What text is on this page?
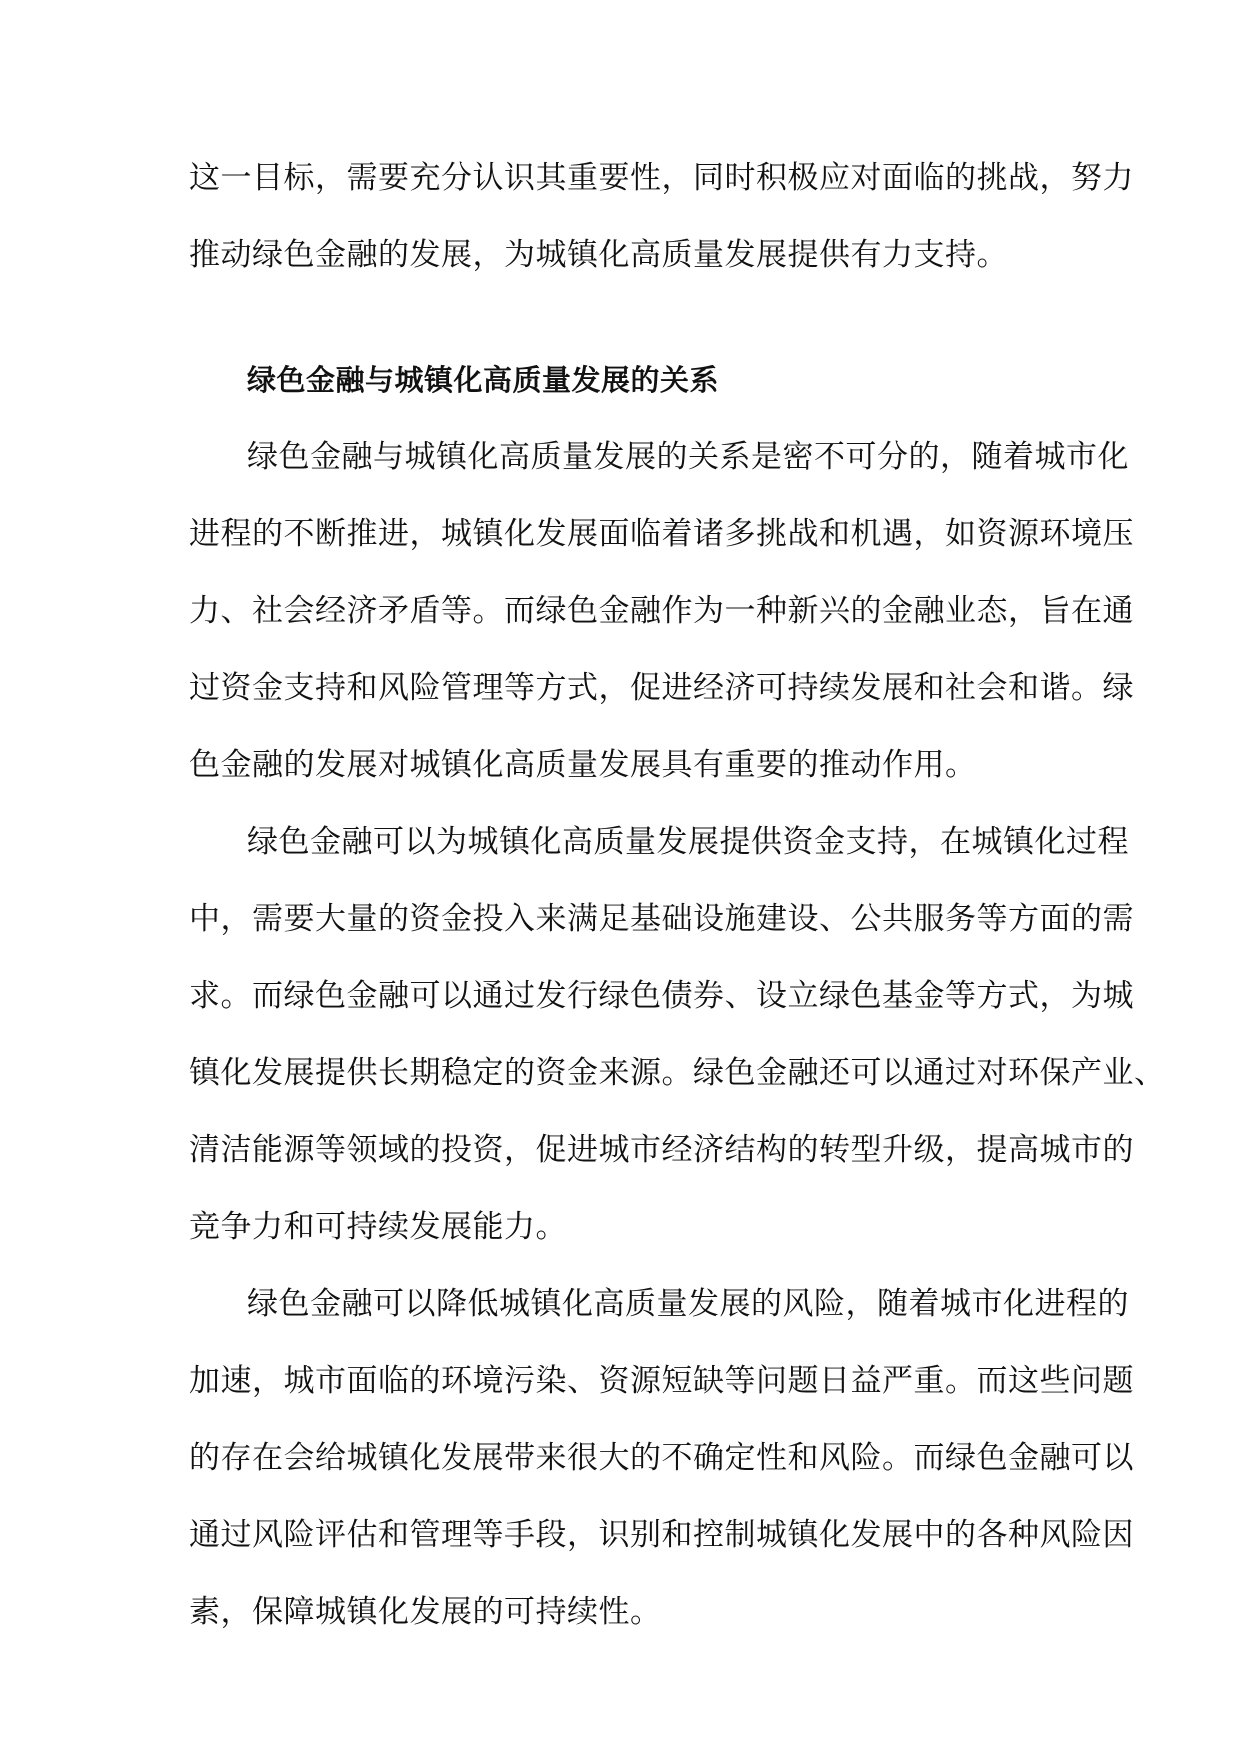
这一目标，需要充分认识其重要性，同时积极应对面临的挑战，努力
推动绿色金融的发展，为城镇化高质量发展提供有力支持。
绿色金融与城镇化高质量发展的关系
绿色金融与城镇化高质量发展的关系是密不可分的，随着城市化
进程的不断推进，城镇化发展面临着诸多挑战和机遇，如资源环境压
力、社会经济矛盾等。而绿色金融作为一种新兴的金融业态，旨在通
过资金支持和风险管理等方式，促进经济可持续发展和社会和谐。绿
色金融的发展对城镇化高质量发展具有重要的推动作用。
绿色金融可以为城镇化高质量发展提供资金支持，在城镇化过程
中，需要大量的资金投入来满足基础设施建设、公共服务等方面的需
求。而绿色金融可以通过发行绿色债券、设立绿色基金等方式，为城
镇化发展提供长期稳定的资金来源。绿色金融还可以通过对环保产业、
清洁能源等领域的投资，促进城市经济结构的转型升级，提高城市的
竞争力和可持续发展能力。
绿色金融可以降低城镇化高质量发展的风险，随着城市化进程的
加速，城市面临的环境污染、资源短缺等问题日益严重。而这些问题
的存在会给城镇化发展带来很大的不确定性和风险。而绿色金融可以
通过风险评估和管理等手段，识别和控制城镇化发展中的各种风险因
素，保障城镇化发展的可持续性。
